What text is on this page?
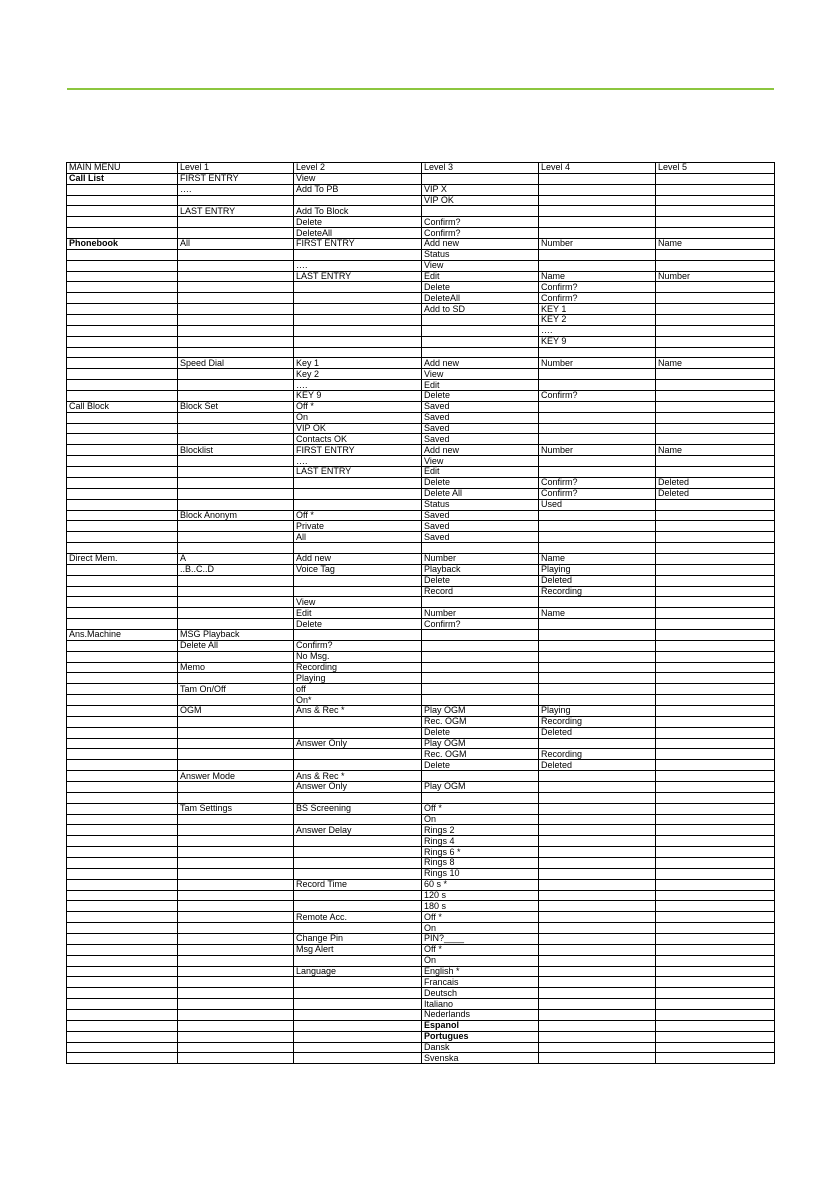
MAIN MENU	Level 1	Level 2	Level 3	Level 4	Level 5
Call List	FIRST ENTRY	View			
	….	Add To PB	VIP X		
			VIP OK		
	LAST ENTRY	Add To Block			
		Delete	Confirm?		
		DeleteAll	Confirm?		
Phonebook	All	FIRST ENTRY	Add new	Number	Name
			Status		
		….	View		
		LAST ENTRY	Edit	Name	Number
			Delete	Confirm?	
			DeleteAll	Confirm?	
			Add to SD	KEY 1	
				KEY 2	
				….	
				KEY 9	

	Speed Dial	Key 1	Add new	Number	Name
		Key 2	View		
		….	Edit		
		KEY 9	Delete	Confirm?	
Call Block	Block Set	Off *	Saved		
		On	Saved		
		VIP OK	Saved		
		Contacts OK	Saved		
	Blocklist	FIRST ENTRY	Add new	Number	Name
		….	View		
		LAST ENTRY	Edit		
			Delete	Confirm?	Deleted
			Delete All	Confirm?	Deleted
			Status	Used	
	Block Anonym	Off *	Saved		
		Private	Saved		
		All	Saved		

Direct Mem.	A	Add new	Number	Name	
	..B..C..D	Voice Tag	Playback	Playing	
			Delete	Deleted	
			Record	Recording	
		View			
		Edit	Number	Name	
		Delete	Confirm?		
Ans.Machine	MSG Playback				
	Delete All	Confirm?			
		No Msg.			
	Memo	Recording			
		Playing			
	Tam On/Off	off			
		On*			
	OGM	Ans & Rec *	Play OGM	Playing	
			Rec. OGM	Recording	
			Delete	Deleted	
		Answer Only	Play OGM		
			Rec. OGM	Recording	
			Delete	Deleted	
	Answer Mode	Ans & Rec *			
		Answer Only	Play OGM		

	Tam Settings	BS Screening	Off *		
			On		
		Answer Delay	Rings 2		
			Rings 4		
			Rings 6 *		
			Rings 8		
			Rings 10		
		Record Time	60 s *		
			120 s		
			180 s		
		Remote Acc.	Off *		
			On		
		Change Pin	PIN?____		
		Msg Alert	Off *		
			On		
		Language	English *		
			Francais		
			Deutsch		
			Italiano		
			Nederlands		
			Espanol		
			Portugues		
			Dansk		
			Svenska		
